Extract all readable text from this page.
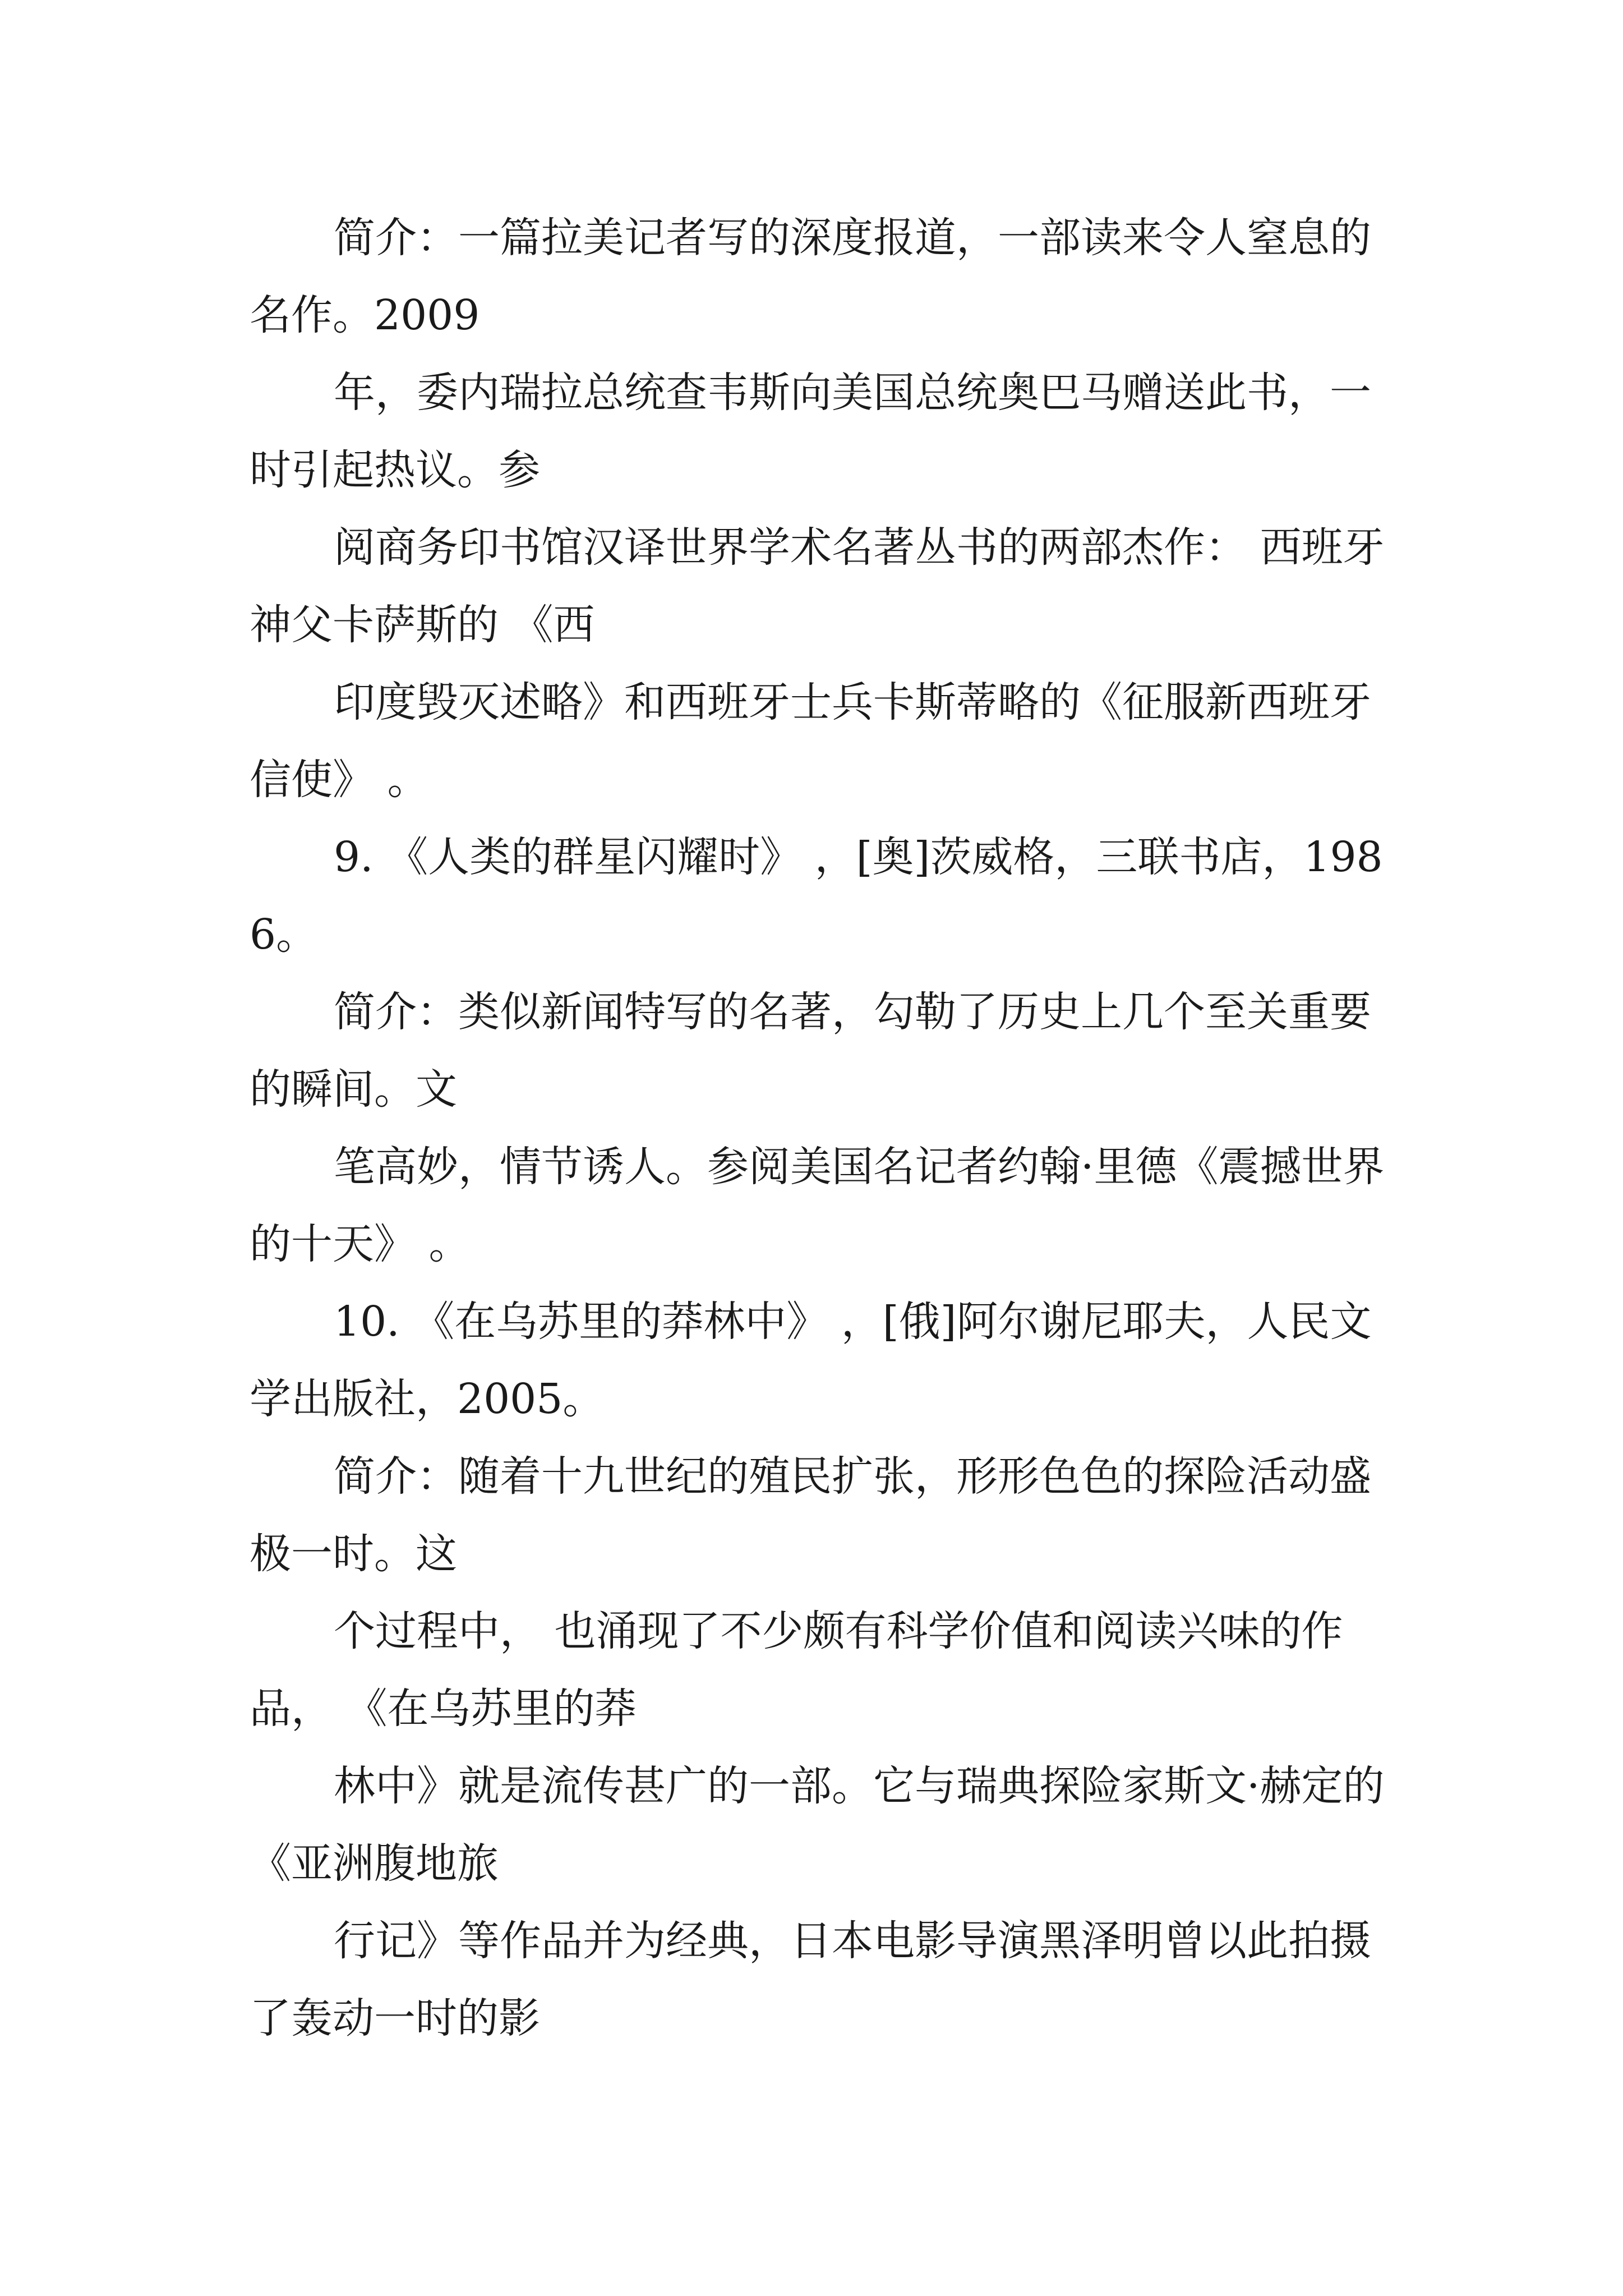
简介：一篇拉美记者写的深度报道，一部读来令人窒息的名作。2009

年，委内瑞拉总统查韦斯向美国总统奥巴马赠送此书，一时引起热议。参

阅商务印书馆汉译世界学术名著丛书的两部杰作： 西班牙神父卡萨斯的 《西

印度毁灭述略》和西班牙士兵卡斯蒂略的《征服新西班牙信使》 。

9. 《人类的群星闪耀时》 ，[奥]茨威格，三联书店，1986。

简介：类似新闻特写的名著，勾勒了历史上几个至关重要的瞬间。文

笔高妙，情节诱人。参阅美国名记者约翰·里德《震撼世界的十天》 。

10. 《在乌苏里的莽林中》 ，[俄]阿尔谢尼耶夫，人民文学出版社，2005。

简介：随着十九世纪的殖民扩张，形形色色的探险活动盛极一时。这

个过程中， 也涌现了不少颇有科学价值和阅读兴味的作品， 《在乌苏里的莽

林中》就是流传甚广的一部。它与瑞典探险家斯文·赫定的《亚洲腹地旅

行记》等作品并为经典，日本电影导演黑泽明曾以此拍摄了轰动一时的影
